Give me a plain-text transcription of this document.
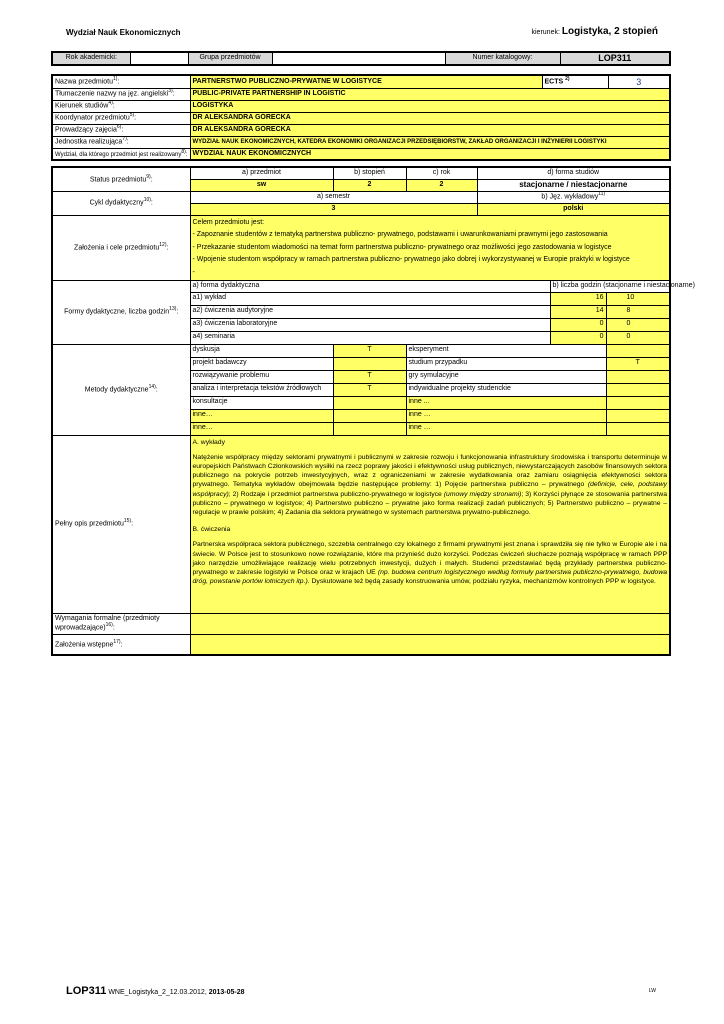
Wydział Nauk Ekonomicznych	kierunek: Logistyka, 2 stopień
Rok akademicki:		Grupa przedmiotów		Numer katalogowy:	LOP311
Nazwa przedmiotu$^{1)}$:	PARTNERSTWO PUBLICZNO-PRYWATNE W LOGISTYCE	ECTS $^{2)}$	3
Tłumaczenie nazwy na jęz. angielski$^{3)}$:	PUBLIC-PRIVATE PARTNERSHIP IN LOGISTIC		
Kierunek studiów$^{4)}$:	LOGISTYKA		
Koordynator przedmiotu$^{5)}$:	DR ALEKSANDRA GÓRECKA		
Prowadzący zajęcia$^{6)}$:	DR ALEKSANDRA GÓRECKA		
Jednostka realizująca$^{7)}$:	WYDZIAŁ NAUK EKONOMICZNYCH, KATEDRA EKONOMIKI ORGANIZACJI PRZEDSIĘBIORSTW, ZAKŁAD ORGANIZACJI I INŻYNIERII LOGISTYKI		
Wydział, dla którego przedmiot jest realizowany$^{8)}$:	WYDZIAŁ NAUK EKONOMICZNYCH		
Status przedmiotu$^{9)}$:	a) przedmiot	b) stopień	c) rok	d) forma studiów		
	sw	2	2	stacjonarne / niestacjonarne		
Cykl dydaktyczny$^{10)}$:	a) semestr			b) Jęz. wykładowy$^{11)}$
	3			polski		
Założenia i cele przedmiotu$^{12)}$:	Celem przedmiotu jest:
- Zapoznanie studentów z tematyką partnerstwa publiczno- prywatnego, podstawami i uwarunkowaniami prawnymi jego zastosowania
- Przekazanie studentom wiadomości na temat form partnerstwa publiczno- prywatnego oraz możliwości jego zastodowania w logistyce
- Wpojenie studentom współpracy w ramach partnerstwa publiczno- prywatnego jako dobrej i wykorzystywanej w Europie praktyki w logistyce
-					

Formy dydaktyczne, liczba godzin$^{13)}$:	a) forma dydaktyczna				b) liczba godzin (stacjonarne i niestacjonarne)	
	a1) wykład				16	10
	a2) ćwiczenia audytoryjne				14	8
	a3) ćwiczenia laboratoryjne				0	0
	a4) seminaria				0	0
Metody dydaktyczne$^{14)}$:	dyskusja	T	eksperyment			
	projekt badawczy		studium przypadku			T
	rozwiązywanie problemu	T	gry symulacyjne			
	analiza i interpretacja tekstów źródłowych	T	indywidualne projekty studenckie			
	konsultacje		inne ...			
	inne…		inne …			
	inne…		inne …			
Pełny opis przedmiotu$^{15)}$:	A. wykłady

Natężenie współpracy między sektorami prywatnymi i publicznymi w zakresie rozwoju i funkcjonowania infrastruktury środowiska i transportu determinuje w europejskich Państwach Członkowskich wysiłki na rzecz poprawy jakości i efektywności usług publicznych, niewystarczających zasobów finansowych sektora publicznego na pokrycie potrzeb inwestycyjnych, wraz z ograniczeniami w zakresie wydatkowania oraz zamiaru osiągnięcia efektywności sektora prywatnego. Tematyka wykładów obejmowała będzie następujące problemy: 1) Pojęcie partnerstwa publiczno – prywatnego (definicje, cele, podstawy współpracy); 2) Rodzaje i przedmiot partnerstwa publiczno-prywatnego w logistyce (umowy między stronami); 3) Korzyści płynące ze stosowania partnerstwa publiczno – prywatnego w logistyce; 4) Partnerstwo publiczno – prywatne jako forma realizacji zadań publicznych; 5) Partnerstwo publiczno – prywatne – regulacje w prawie polskim; 4) Zadania dla sektora prywatnego w systemach partnerstwa prywatno-publicznego.

B. ćwiczenia

Partnerska współpraca sektora publicznego, szczebla centralnego czy lokalnego z firmami prywatnymi jest znana i sprawdziła się nie tylko w Europie ale i na świecie. W Polsce jest to stosunkowo nowe rozwiązanie, które ma przynieść dużo korzyści. Podczas ćwiczeń słuchacze poznają współpracę w ramach PPP jako narzędzie umożliwiające realizację wielu potrzebnych inwestycji, dużych i małych. Studenci przedstawiać będą przykłady partnerstwa publiczno-prywatnego w zakresie logistyki w Polsce oraz w krajach UE (np. budowa centrum logistycznego według formuły partnerstwa publiczno-prywatnego, budowa dróg, powstanie portów lotniczych itp.). Dyskutowane też będą zasady konstruowania umów, podziału ryzyka, mechanizmów kontrolnych PPP w logistyce.					

Wymagania formalne (przedmioty wprowadzające)$^{16)}$:						
Założenia wstępne$^{17)}$:						
LOP311 WNE_Logistyka_2_12.03.2012, 2013-05-28	LW
